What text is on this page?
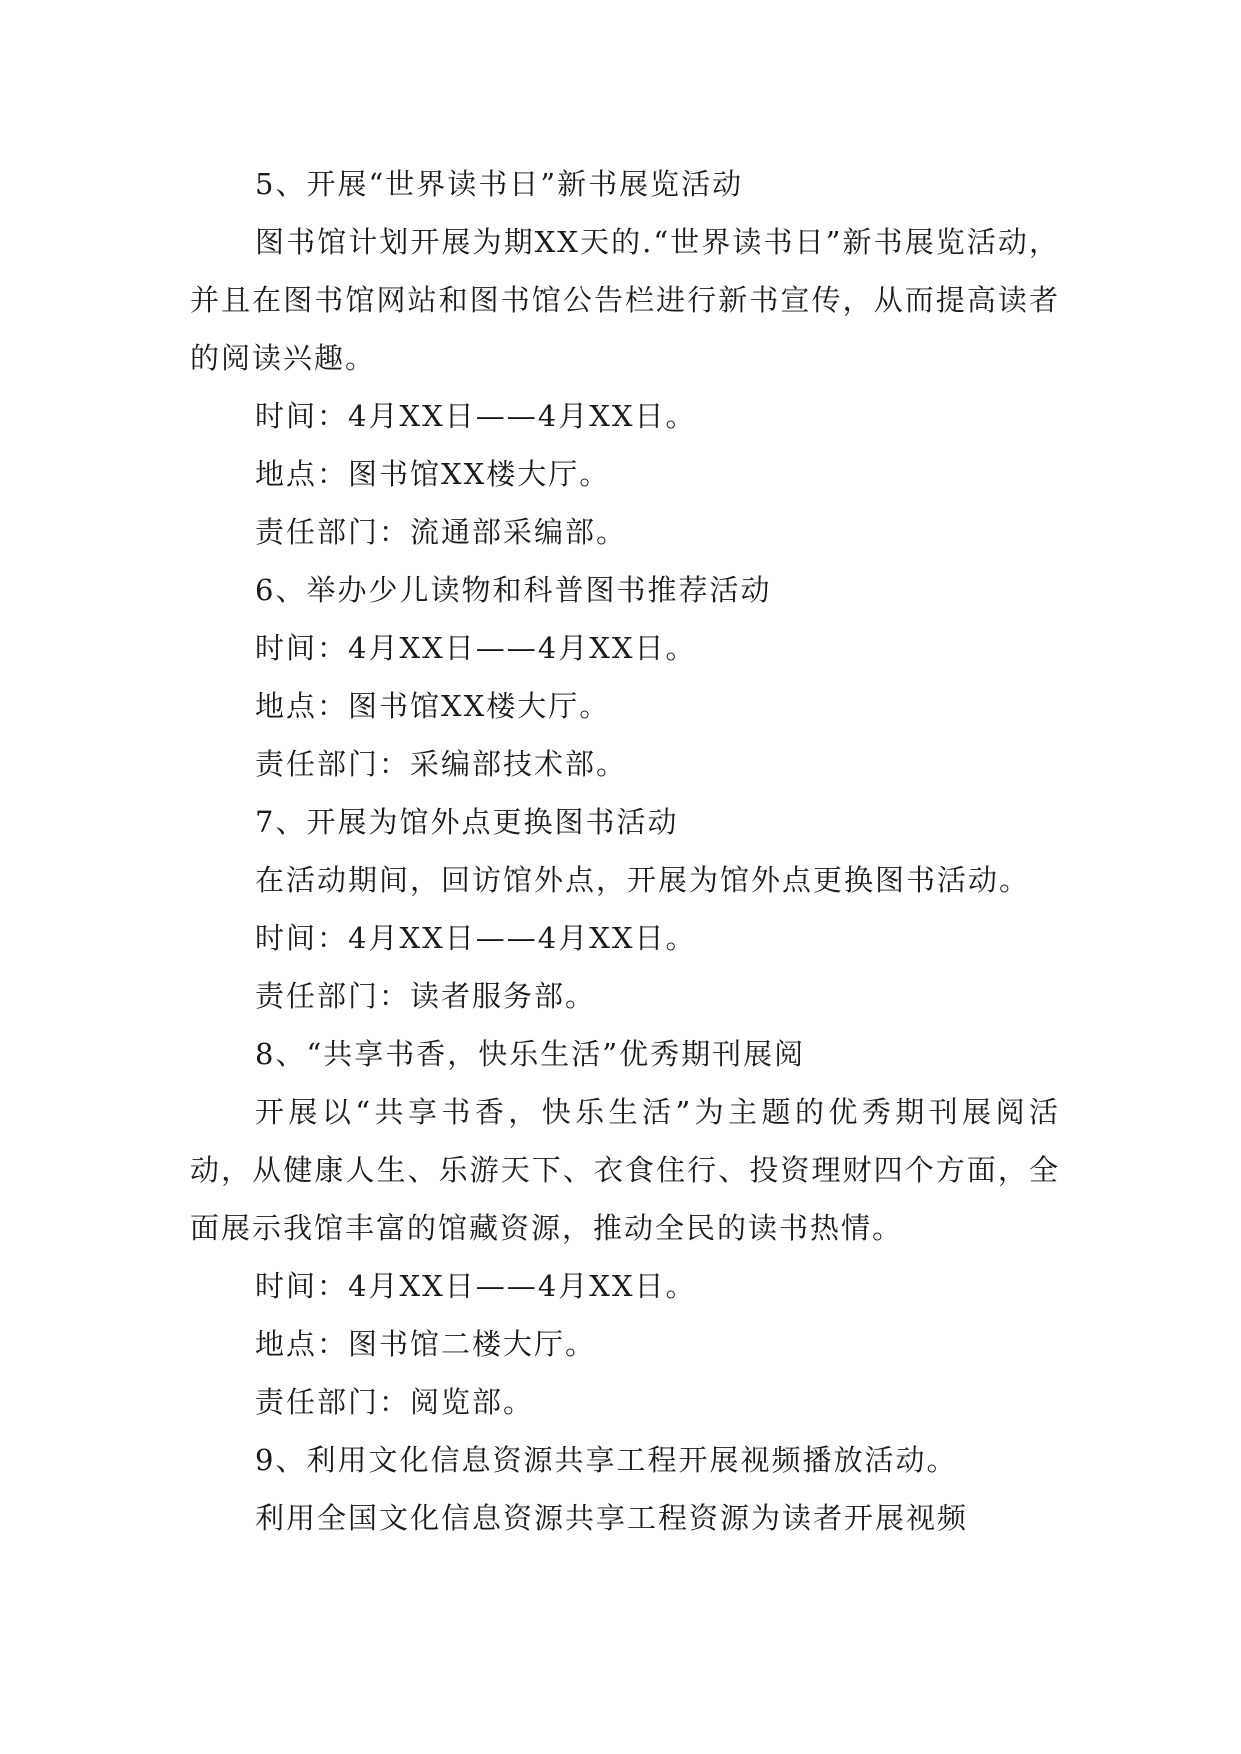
5、开展“世界读书日”新书展览活动

图书馆计划开展为期XX天的.“世界读书日”新书展览活动，并且在图书馆网站和图书馆公告栏进行新书宣传，从而提高读者的阅读兴趣。

时间：4月XX日——4月XX日。

地点：图书馆XX楼大厅。

责任部门：流通部采编部。

6、举办少儿读物和科普图书推荐活动

时间：4月XX日——4月XX日。

地点：图书馆XX楼大厅。

责任部门：采编部技术部。

7、开展为馆外点更换图书活动

在活动期间，回访馆外点，开展为馆外点更换图书活动。

时间：4月XX日——4月XX日。

责任部门：读者服务部。

8、“共享书香，快乐生活”优秀期刊展阅

开展以“共享书香，快乐生活”为主题的优秀期刊展阅活动，从健康人生、乐游天下、衣食住行、投资理财四个方面，全面展示我馆丰富的馆藏资源，推动全民的读书热情。

时间：4月XX日——4月XX日。

地点：图书馆二楼大厅。

责任部门：阅览部。

9、利用文化信息资源共享工程开展视频播放活动。

利用全国文化信息资源共享工程资源为读者开展视频
